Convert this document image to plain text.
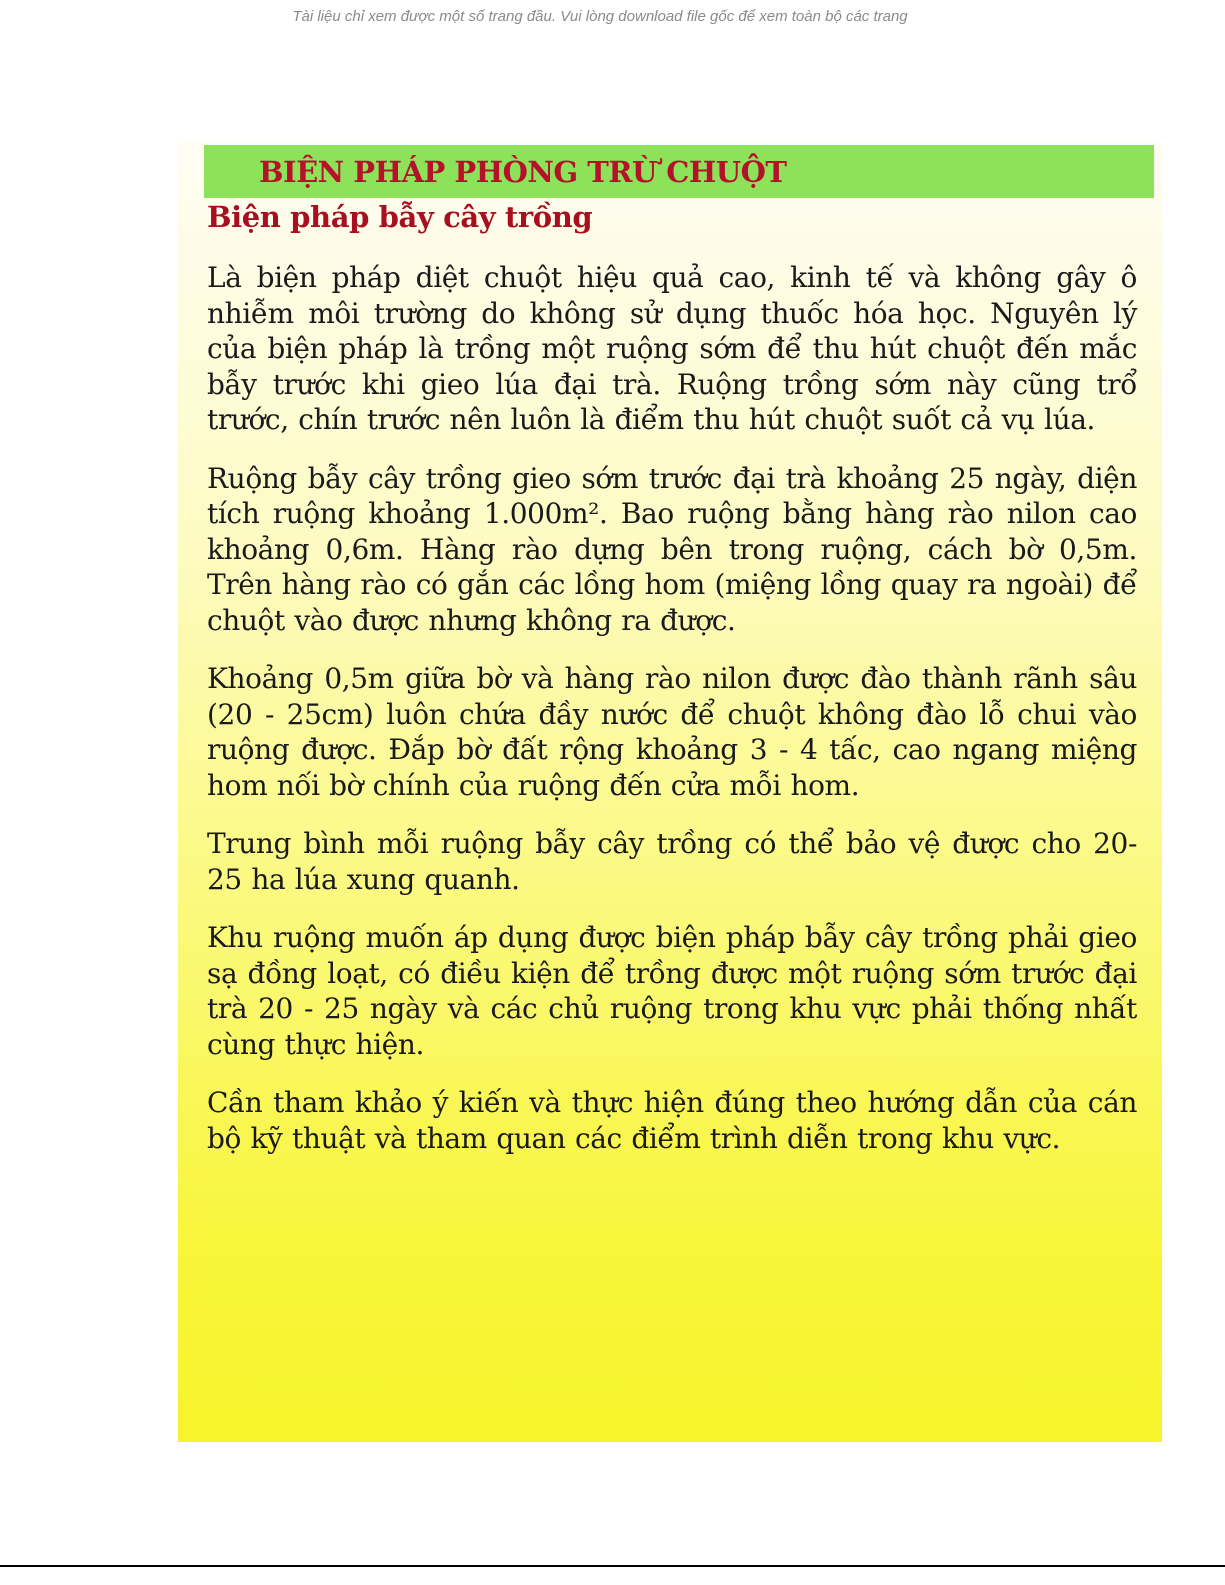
Tài liệu chỉ xem được một số trang đầu. Vui lòng download file gốc để xem toàn bộ các trang
BIỆN PHÁP PHÒNG TRỪ CHUỘT
Biện pháp bẫy cây trồng

Là biện pháp diệt chuột hiệu quả cao, kinh tế và không gây ô nhiễm môi trường do không sử dụng thuốc hóa học. Nguyên lý của biện pháp là trồng một ruộng sớm để thu hút chuột đến mắc bẫy trước khi gieo lúa đại trà. Ruộng trồng sớm này cũng trổ trước, chín trước nên luôn là điểm thu hút chuột suốt cả vụ lúa.

Ruộng bẫy cây trồng gieo sớm trước đại trà khoảng 25 ngày, diện tích ruộng khoảng 1.000m². Bao ruộng bằng hàng rào nilon cao khoảng 0,6m. Hàng rào dựng bên trong ruộng, cách bờ 0,5m. Trên hàng rào có gắn các lồng hom (miệng lồng quay ra ngoài) để chuột vào được nhưng không ra được.

Khoảng 0,5m giữa bờ và hàng rào nilon được đào thành rãnh sâu (20 - 25cm) luôn chứa đầy nước để chuột không đào lỗ chui vào ruộng được. Đắp bờ đất rộng khoảng 3 - 4 tấc, cao ngang miệng hom nối bờ chính của ruộng đến cửa mỗi hom.

Trung bình mỗi ruộng bẫy cây trồng có thể bảo vệ được cho 20- 25 ha lúa xung quanh.

Khu ruộng muốn áp dụng được biện pháp bẫy cây trồng phải gieo sạ đồng loạt, có điều kiện để trồng được một ruộng sớm trước đại trà 20 - 25 ngày và các chủ ruộng trong khu vực phải thống nhất cùng thực hiện.

Cần tham khảo ý kiến và thực hiện đúng theo hướng dẫn của cán bộ kỹ thuật và tham quan các điểm trình diễn trong khu vực.
